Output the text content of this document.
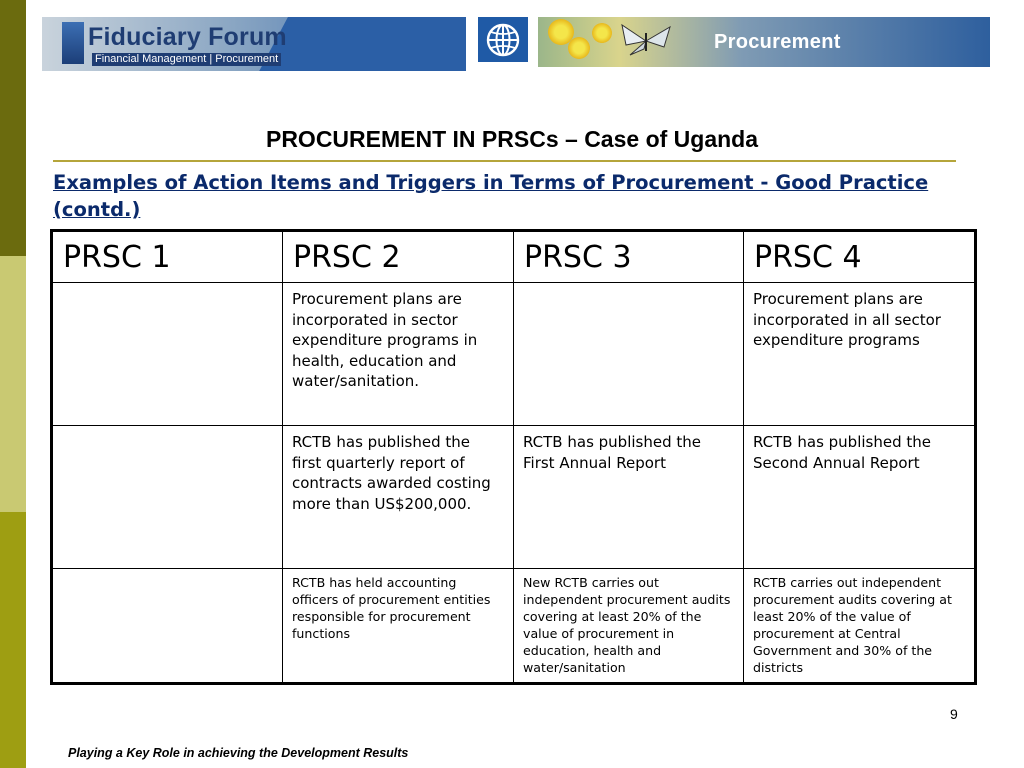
Fiduciary Forum
Financial Management | Procurement
Procurement
PROCUREMENT IN PRSCs – Case of Uganda
Examples of Action Items and Triggers in Terms of Procurement - Good Practice (contd.)
PRSC 1	PRSC 2	PRSC 3	PRSC 4
	Procurement plans are incorporated in sector expenditure programs in health, education and water/sanitation.		Procurement plans are incorporated in all sector expenditure programs
	RCTB has published the first quarterly report of contracts awarded costing more than US$200,000.	RCTB has published the First Annual Report	RCTB has published the Second Annual Report
	RCTB has held accounting officers of procurement entities responsible for procurement functions	New RCTB carries out independent procurement audits covering at least 20% of the value of procurement in education, health and water/sanitation	RCTB carries out independent procurement audits covering at least 20% of the value of procurement at Central Government and 30% of the districts
9
Playing a Key Role in achieving the Development Results
